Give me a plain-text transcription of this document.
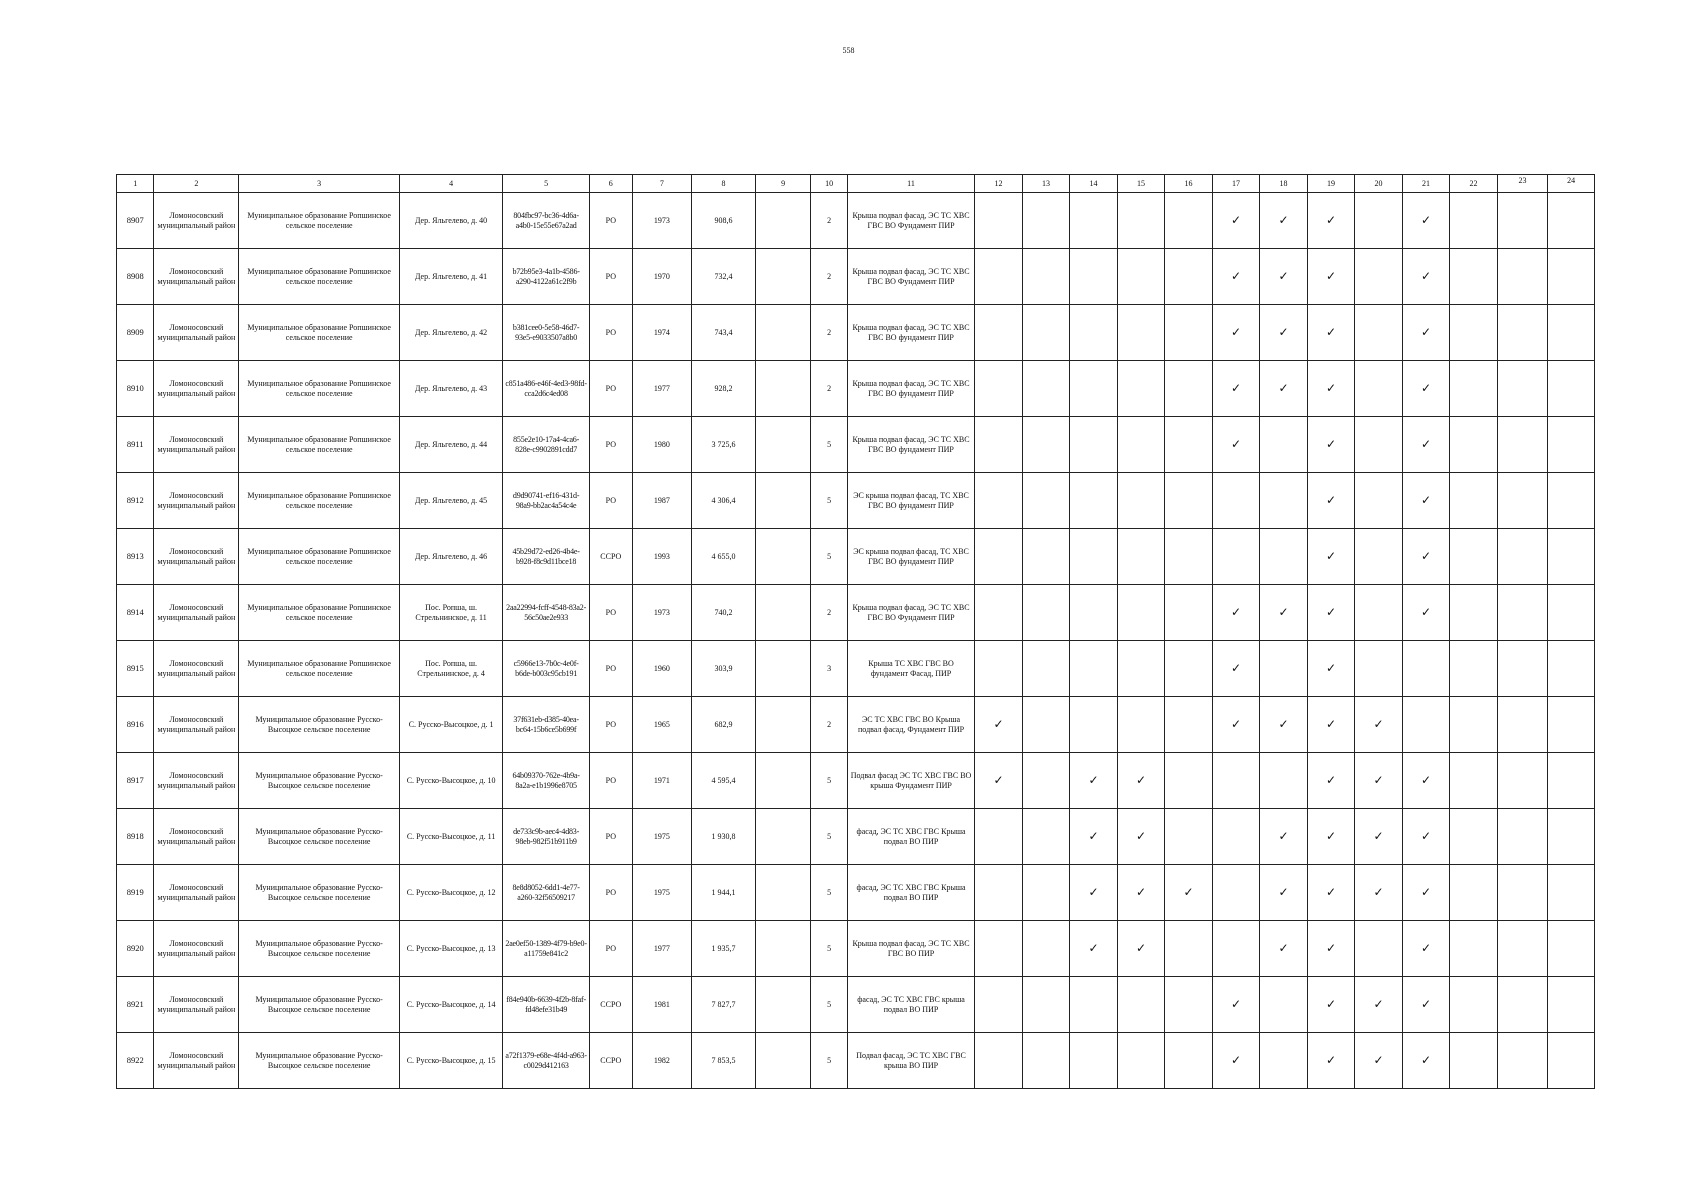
558
1	2	3	4	5	6	7	8	9	10	11	12	13	14	15	16	17	18	19	20	21	22	23	24
8907	Ломоносовский муниципальный район	Муниципальное образование Ропшинское сельское поселение	Дер. Яльгелево, д. 40	804fbc97-bc36-4d6a-a4b0-15e55e67a2ad	РО	1973	908,6		2	Крыша подвал фасад, ЭС ТС ХВС ГВС ВО Фундамент ПИР						✓	✓	✓		✓			
8908	Ломоносовский муниципальный район	Муниципальное образование Ропшинское сельское поселение	Дер. Яльгелево, д. 41	b72b95e3-4a1b-4586-a290-4122a61c2f9b	РО	1970	732,4		2	Крыша подвал фасад, ЭС ТС ХВС ГВС ВО Фундамент ПИР						✓	✓	✓		✓			
8909	Ломоносовский муниципальный район	Муниципальное образование Ропшинское сельское поселение	Дер. Яльгелево, д. 42	b381cee0-5e58-46d7-93e5-e9033507a8b0	РО	1974	743,4		2	Крыша подвал фасад, ЭС ТС ХВС ГВС ВО фундамент ПИР						✓	✓	✓		✓			
8910	Ломоносовский муниципальный район	Муниципальное образование Ропшинское сельское поселение	Дер. Яльгелево, д. 43	c851a486-e46f-4ed3-98fd-cca2d6c4ed08	РО	1977	928,2		2	Крыша подвал фасад, ЭС ТС ХВС ГВС ВО фундамент ПИР						✓	✓	✓		✓			
8911	Ломоносовский муниципальный район	Муниципальное образование Ропшинское сельское поселение	Дер. Яльгелево, д. 44	855e2e10-17a4-4ca6-828e-c9902891cdd7	РО	1980	3 725,6		5	Крыша подвал фасад, ЭС ТС ХВС ГВС ВО фундамент ПИР						✓		✓		✓			
8912	Ломоносовский муниципальный район	Муниципальное образование Ропшинское сельское поселение	Дер. Яльгелево, д. 45	d9d90741-ef16-431d-98a9-bb2ac4a54c4e	РО	1987	4 306,4		5	ЭС крыша подвал фасад, ТС ХВС ГВС ВО фундамент ПИР								✓		✓			
8913	Ломоносовский муниципальный район	Муниципальное образование Ропшинское сельское поселение	Дер. Яльгелево, д. 46	45b29d72-ed26-4b4e-b928-f8c9d11bce18	ССРО	1993	4 655,0		5	ЭС крыша подвал фасад, ТС ХВС ГВС ВО фундамент ПИР								✓		✓			
8914	Ломоносовский муниципальный район	Муниципальное образование Ропшинское сельское поселение	Пос. Ропша, ш. Стрельнинское, д. 11	2aa22994-fcff-4548-83a2-56c50ae2e933	РО	1973	740,2		2	Крыша подвал фасад, ЭС ТС ХВС ГВС ВО Фундамент ПИР						✓	✓	✓		✓			
8915	Ломоносовский муниципальный район	Муниципальное образование Ропшинское сельское поселение	Пос. Ропша, ш. Стрельнинское, д. 4	c5966e13-7b0c-4e0f-b6de-b003c95cb191	РО	1960	303,9		3	Крыша ТС ХВС ГВС ВО фундамент Фасад, ПИР						✓		✓					
8916	Ломоносовский муниципальный район	Муниципальное образование Русско-Высоцкое сельское поселение	С. Русско-Высоцкое, д. 1	37f631eb-d385-40ea-bc64-15b6ce5b699f	РО	1965	682,9		2	ЭС ТС ХВС ГВС ВО Крыша подвал фасад, Фундамент ПИР	✓					✓	✓	✓	✓				
8917	Ломоносовский муниципальный район	Муниципальное образование Русско-Высоцкое сельское поселение	С. Русско-Высоцкое, д. 10	64b09370-762e-4b9a-8a2a-e1b1996e8705	РО	1971	4 595,4		5	Подвал фасад ЭС ТС ХВС ГВС ВО крыша Фундамент ПИР	✓		✓	✓				✓	✓	✓			
8918	Ломоносовский муниципальный район	Муниципальное образование Русско-Высоцкое сельское поселение	С. Русско-Высоцкое, д. 11	de733c9b-aec4-4d83-98eb-982f51b911b9	РО	1975	1 930,8		5	фасад, ЭС ТС ХВС ГВС Крыша подвал ВО ПИР			✓	✓			✓	✓	✓	✓			
8919	Ломоносовский муниципальный район	Муниципальное образование Русско-Высоцкое сельское поселение	С. Русско-Высоцкое, д. 12	8e8d8052-6dd1-4e77-a260-32f56509217	РО	1975	1 944,1		5	фасад, ЭС ТС ХВС ГВС Крыша подвал ВО ПИР			✓	✓	✓		✓	✓	✓	✓			
8920	Ломоносовский муниципальный район	Муниципальное образование Русско-Высоцкое сельское поселение	С. Русско-Высоцкое, д. 13	2ae0ef50-1389-4f79-b9e0-a11759e841c2	РО	1977	1 935,7		5	Крыша подвал фасад, ЭС ТС ХВС ГВС ВО ПИР			✓	✓			✓	✓		✓			
8921	Ломоносовский муниципальный район	Муниципальное образование Русско-Высоцкое сельское поселение	С. Русско-Высоцкое, д. 14	f84e940b-6639-4f2b-8faf-fd48efe31b49	ССРО	1981	7 827,7		5	фасад, ЭС ТС ХВС ГВС крыша подвал ВО ПИР						✓		✓	✓	✓			
8922	Ломоносовский муниципальный район	Муниципальное образование Русско-Высоцкое сельское поселение	С. Русско-Высоцкое, д. 15	a72f1379-e68e-4f4d-a963-c0029d412163	ССРО	1982	7 853,5		5	Подвал фасад, ЭС ТС ХВС ГВС крыша ВО ПИР						✓		✓	✓	✓			
